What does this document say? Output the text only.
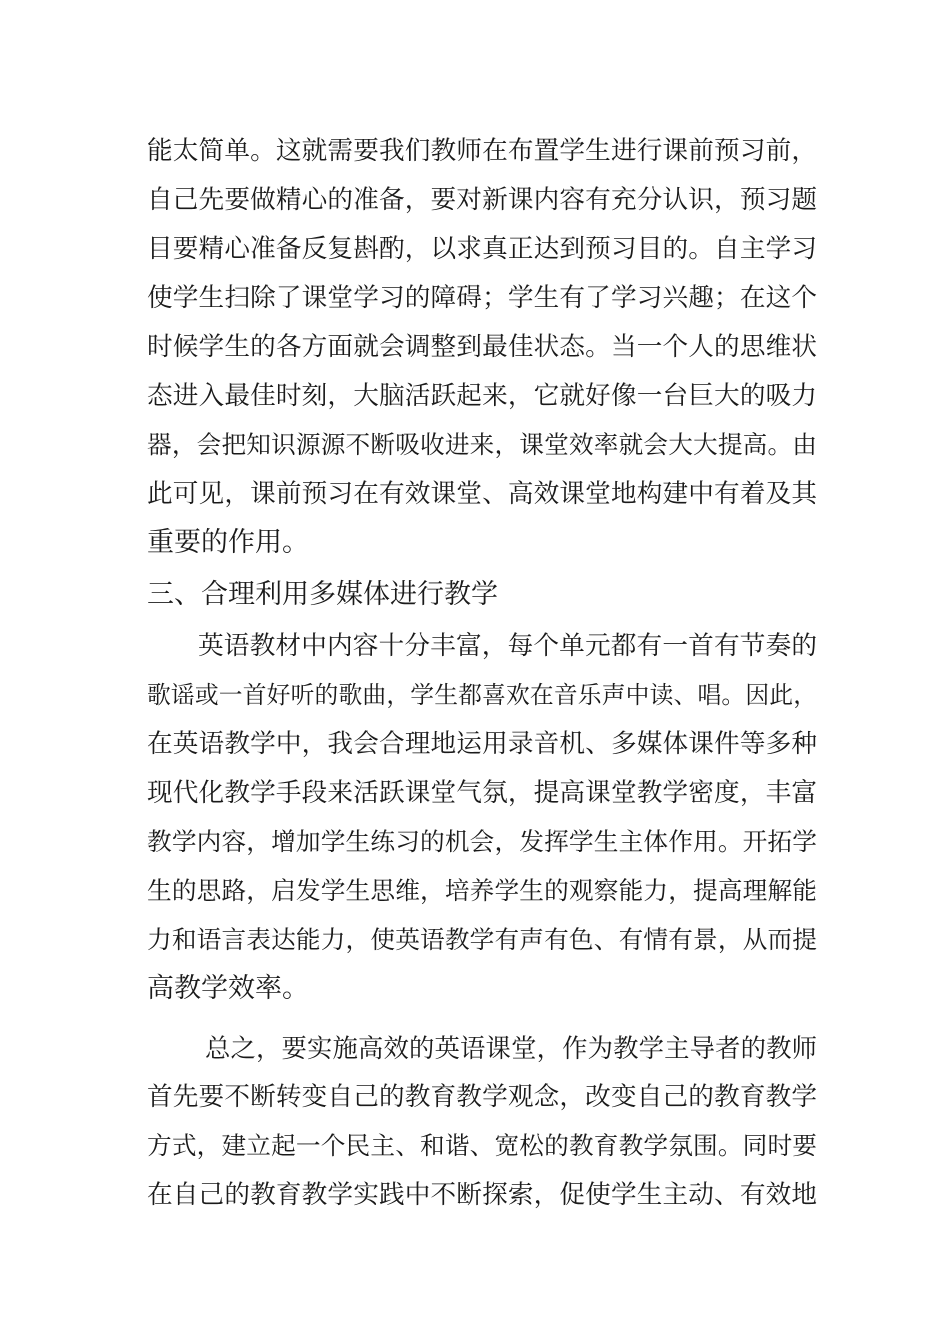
能太简单。这就需要我们教师在布置学生进行课前预习前，
自己先要做精心的准备，要对新课内容有充分认识，预习题
目要精心准备反复斟酌，以求真正达到预习目的。自主学习
使学生扫除了课堂学习的障碍；学生有了学习兴趣；在这个
时候学生的各方面就会调整到最佳状态。当一个人的思维状
态进入最佳时刻，大脑活跃起来，它就好像一台巨大的吸力
器，会把知识源源不断吸收进来，课堂效率就会大大提高。由
此可见，课前预习在有效课堂、高效课堂地构建中有着及其
重要的作用。
三、合理利用多媒体进行教学
英语教材中内容十分丰富，每个单元都有一首有节奏的
歌谣或一首好听的歌曲，学生都喜欢在音乐声中读、唱。因此，
在英语教学中，我会合理地运用录音机、多媒体课件等多种
现代化教学手段来活跃课堂气氛，提高课堂教学密度，丰富
教学内容，增加学生练习的机会，发挥学生主体作用。开拓学
生的思路，启发学生思维，培养学生的观察能力，提高理解能
力和语言表达能力，使英语教学有声有色、有情有景，从而提
高教学效率。
总之，要实施高效的英语课堂，作为教学主导者的教师
首先要不断转变自己的教育教学观念，改变自己的教育教学
方式，建立起一个民主、和谐、宽松的教育教学氛围。同时要
在自己的教育教学实践中不断探索，促使学生主动、有效地
